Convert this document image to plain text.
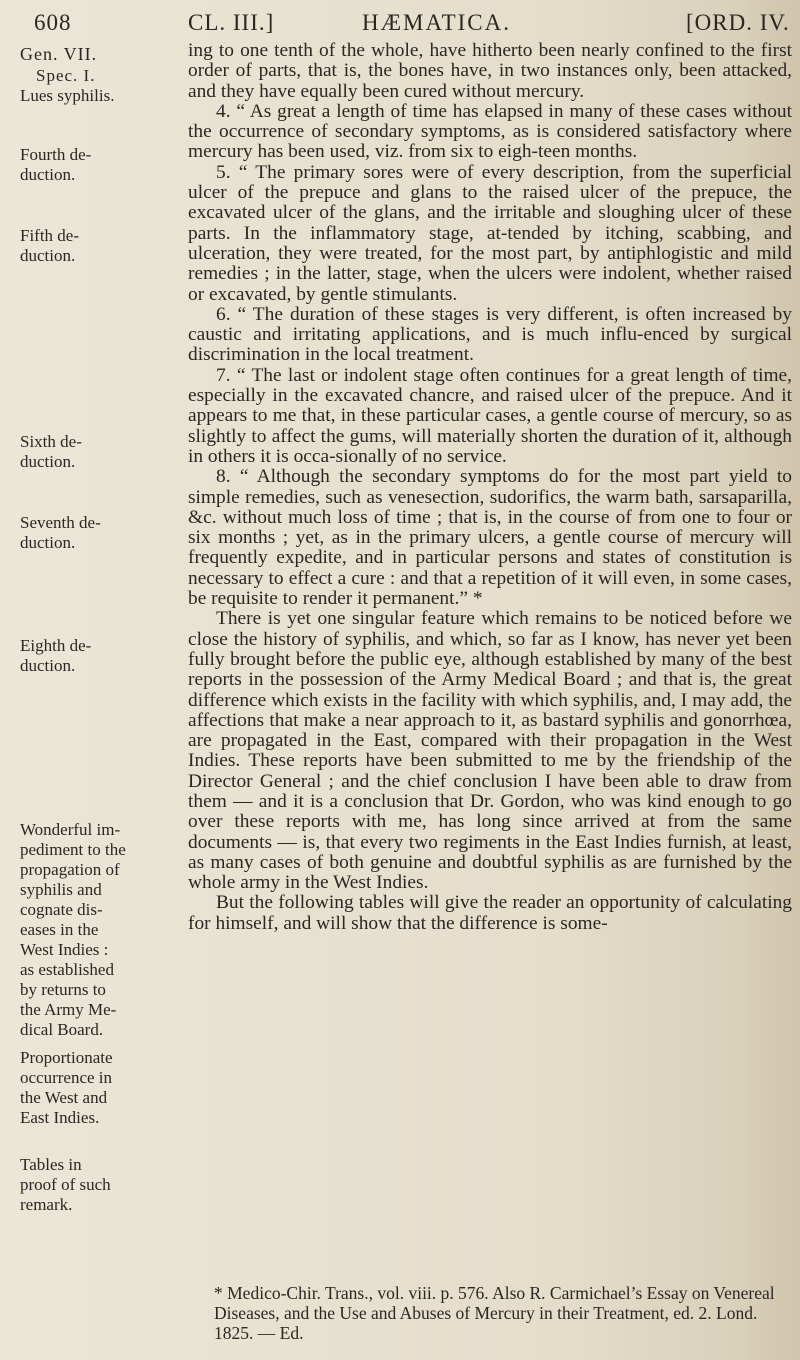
608	CL. III.]	HÆMATICA.	[ORD. IV.
Gen. VII.
Spec. I.
Lues syphilis.
Fourth de-
duction.
Fifth de-
duction.
Sixth de-
duction.
Seventh de-
duction.
Eighth de-
duction.
Wonderful im-
pediment to the
propagation of
syphilis and
cognate dis-
eases in the
West Indies :
as established
by returns to
the Army Me-
dical Board.
Proportionate
occurrence in
the West and
East Indies.
Tables in
proof of such
remark.

ing to one tenth of the whole, have hitherto been nearly confined to the first order of parts, that is, the bones have, in two instances only, been attacked, and they have equally been cured without mercury.

4. “ As great a length of time has elapsed in many of these cases without the occurrence of secondary symptoms, as is considered satisfactory where mercury has been used, viz. from six to eigh-teen months.

5. “ The primary sores were of every description, from the superficial ulcer of the prepuce and glans to the raised ulcer of the prepuce, the excavated ulcer of the glans, and the irritable and sloughing ulcer of these parts. In the inflammatory stage, at-tended by itching, scabbing, and ulceration, they were treated, for the most part, by antiphlogistic and mild remedies ; in the latter, stage, when the ulcers were indolent, whether raised or excavated, by gentle stimulants.

6. “ The duration of these stages is very different, is often increased by caustic and irritating applications, and is much influ-enced by surgical discrimination in the local treatment.

7. “ The last or indolent stage often continues for a great length of time, especially in the excavated chancre, and raised ulcer of the prepuce. And it appears to me that, in these particular cases, a gentle course of mercury, so as slightly to affect the gums, will materially shorten the duration of it, although in others it is occa-sionally of no service.

8. “ Although the secondary symptoms do for the most part yield to simple remedies, such as venesection, sudorifics, the warm bath, sarsaparilla, &c. without much loss of time ; that is, in the course of from one to four or six months ; yet, as in the primary ulcers, a gentle course of mercury will frequently expedite, and in particular persons and states of constitution is necessary to effect a cure : and that a repetition of it will even, in some cases, be requisite to render it permanent.” *

There is yet one singular feature which remains to be noticed before we close the history of syphilis, and which, so far as I know, has never yet been fully brought before the public eye, although established by many of the best reports in the possession of the Army Medical Board ; and that is, the great difference which exists in the facility with which syphilis, and, I may add, the affections that make a near approach to it, as bastard syphilis and gonorrhœa, are propagated in the East, compared with their propagation in the West Indies. These reports have been submitted to me by the friendship of the Director General ; and the chief conclusion I have been able to draw from them — and it is a conclusion that Dr. Gordon, who was kind enough to go over these reports with me, has long since arrived at from the same documents — is, that every two regiments in the East Indies furnish, at least, as many cases of both genuine and doubtful syphilis as are furnished by the whole army in the West Indies.

But the following tables will give the reader an opportunity of calculating for himself, and will show that the difference is some-

* Medico-Chir. Trans., vol. viii. p. 576. Also R. Carmichael’s Essay on Venereal Diseases, and the Use and Abuses of Mercury in their Treatment, ed. 2. Lond. 1825. — Ed.
